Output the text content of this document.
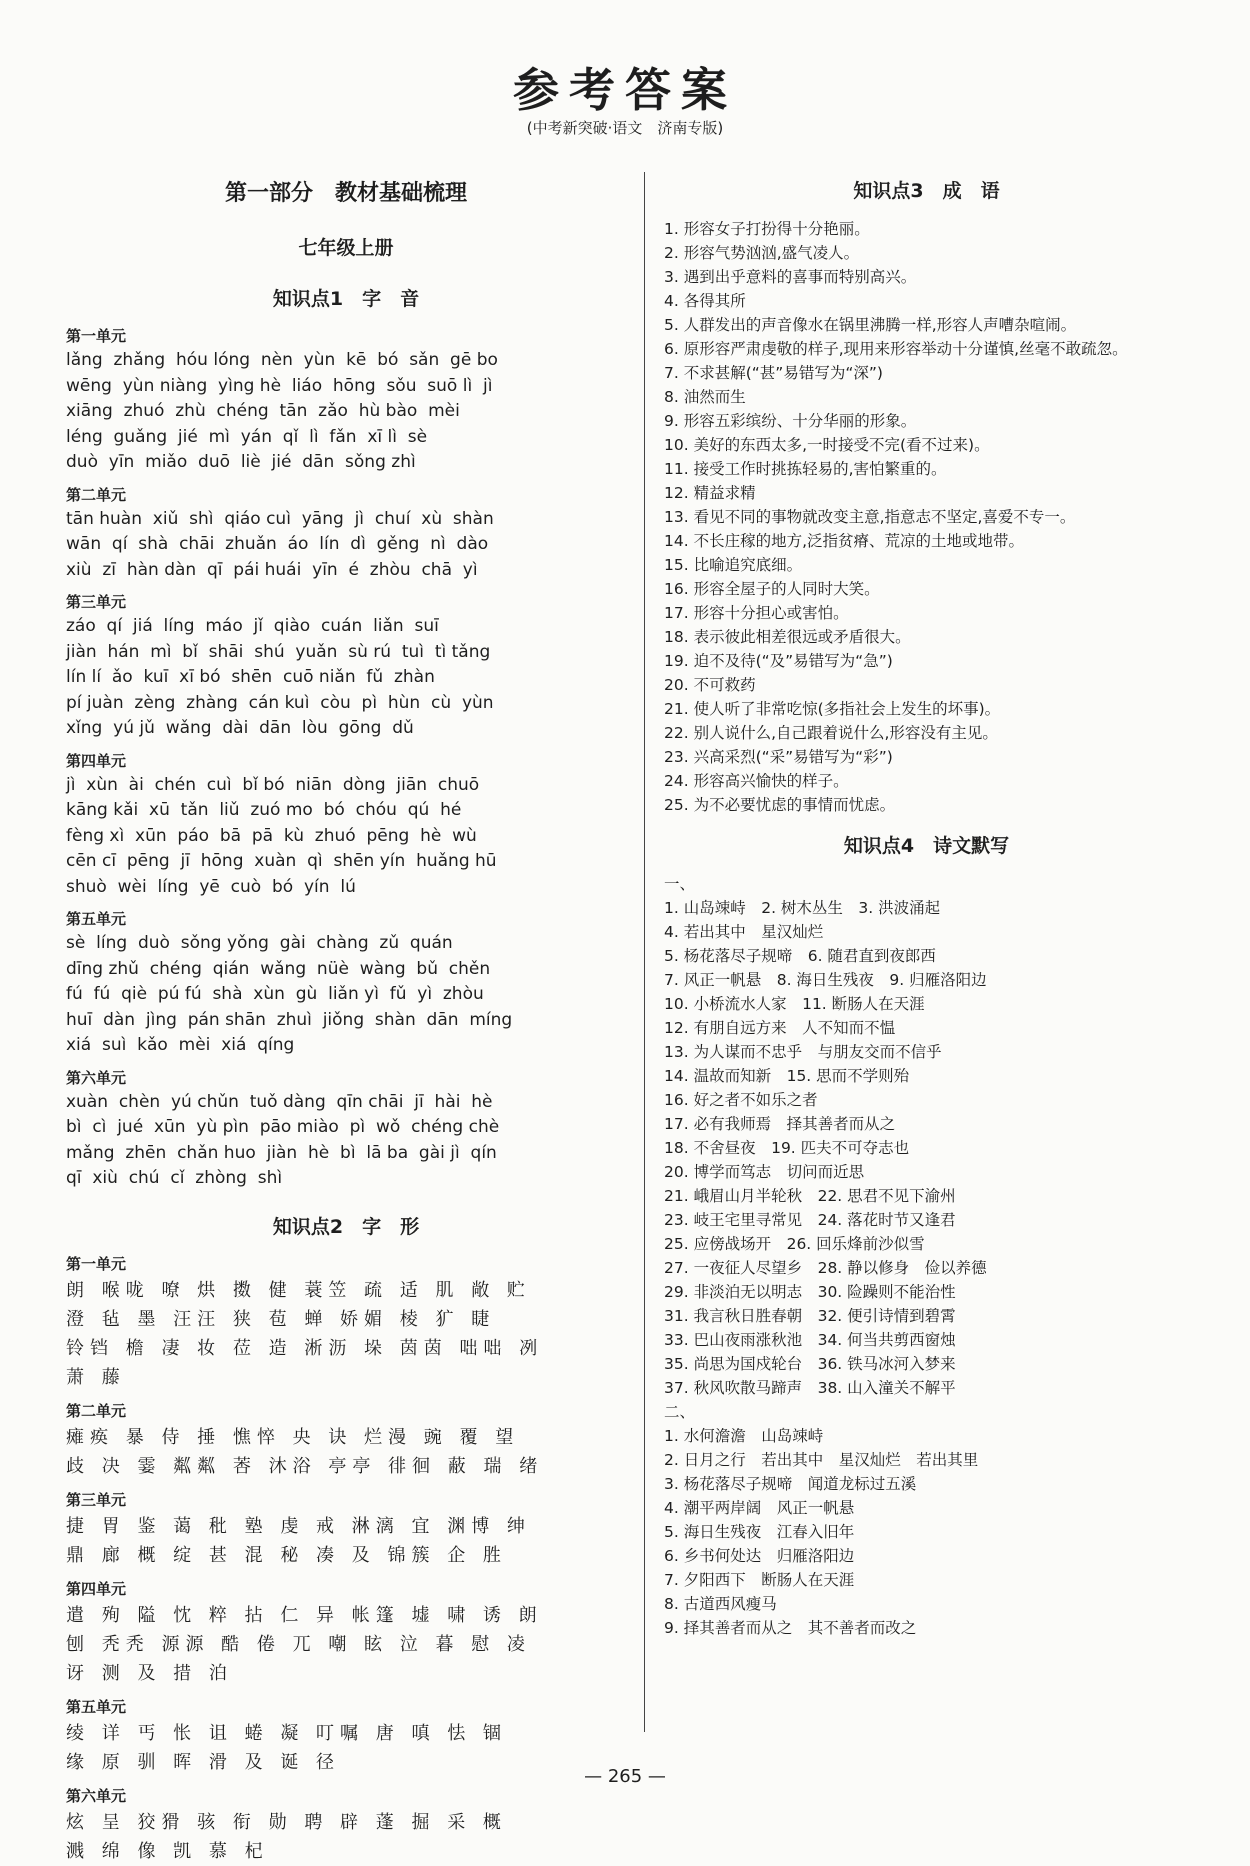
参考答案

(中考新突破·语文　济南专版)

第一部分　教材基础梳理
七年级上册
知识点1　字　音
第一单元
lǎng  zhǎng  hóu lóng  nèn  yùn  kē  bó  sǎn  gē bo
wēng  yùn niàng  yìng hè  liáo  hōng  sǒu  suō lì  jì
xiāng  zhuó  zhù  chéng  tān  zǎo  hù bào  mèi
léng  guǎng  jié  mì  yán  qǐ  lì  fǎn  xī lì  sè
duò  yīn  miǎo  duō  liè  jié  dān  sǒng zhì
第二单元
tān huàn  xiǔ  shì  qiáo cuì  yāng  jì  chuí  xù  shàn
wān  qí  shà  chāi  zhuǎn  áo  lín  dì  gěng  nì  dào
xiù  zī  hàn dàn  qī  pái huái  yīn  é  zhòu  chā  yì
第三单元
záo  qí  jiá  líng  máo  jǐ  qiào  cuán  liǎn  suī
jiàn  hán  mì  bǐ  shāi  shú  yuǎn  sù rú  tuì  tì tǎng
lín lí  ǎo  kuī  xī bó  shēn  cuō niǎn  fǔ  zhàn
pí juàn  zèng  zhàng  cán kuì  còu  pì  hùn  cù  yùn
xǐng  yú jǔ  wǎng  dài  dān  lòu  gōng  dǔ
第四单元
jì  xùn  ài  chén  cuì  bǐ bó  niān  dòng  jiān  chuō
kāng kǎi  xū  tǎn  liǔ  zuó mo  bó  chóu  qú  hé
fèng xì  xūn  páo  bā  pā  kù  zhuó  pēng  hè  wù
cēn cī  pēng  jī  hōng  xuàn  qì  shēn yín  huǎng hū
shuò  wèi  líng  yē  cuò  bó  yín  lú
第五单元
sè  líng  duò  sǒng yǒng  gài  chàng  zǔ  quán
dīng zhǔ  chéng  qián  wǎng  nüè  wàng  bǔ  chěn
fú  fú  qiè  pú fú  shà  xùn  gù  liǎn yì  fǔ  yì  zhòu
huī  dàn  jìng  pán shān  zhuì  jiǒng  shàn  dān  míng
xiá  suì  kǎo  mèi  xiá  qíng
第六单元
xuàn  chèn  yú chǔn  tuǒ dàng  qīn chāi  jī  hài  hè
bì  cì  jué  xūn  yù pìn  pāo miào  pì  wǒ  chéng chè
mǎng  zhēn  chǎn huo  jiàn  hè  bì  lā ba  gài jì  qín
qī  xiù  chú  cǐ  zhòng  shì
知识点2　字　形
第一单元
朗 喉咙 嘹 烘 擞 健 蓑笠 疏 适 肌 敞 贮
澄 毡 墨 汪汪 狭 苞 蝉 娇媚 棱 犷 睫
铃铛 檐 凄 妆 莅 造 淅沥 垛 茵茵 咄咄 冽
萧 藤
第二单元
瘫痪 暴 侍 捶 憔悴 央 诀 烂漫 豌 覆 望
歧 决 霎 粼粼 莕 沐浴 亭亭 徘徊 蔽 瑞 绪
第三单元
捷 胃 鉴 蔼 秕 塾 虔 戒 淋漓 宜 渊博 绅
鼎 廊 概 绽 甚 混 秘 凑 及 锦簇 企 胜
第四单元
遣 殉 隘 忱 粹 拈 仁 异 帐篷 墟 啸 诱 朗
刨 秃秃 源源 酷 倦 兀 嘲 眩 泣 暮 慰 凌
讶 测 及 措 泊
第五单元
绫 详 丐 怅 诅 蜷 凝 叮嘱 唐 嗔 怯 锢
缘 原 驯 晖 滑 及 诞 径
第六单元
炫 呈 狡猾 骇 衔 勋 聘 辟 蓬 掘 采 概
溅 绵 像 凯 慕 杞
知识点3　成　语
1. 形容女子打扮得十分艳丽。
2. 形容气势汹汹,盛气凌人。
3. 遇到出乎意料的喜事而特别高兴。
4. 各得其所
5. 人群发出的声音像水在锅里沸腾一样,形容人声嘈杂喧闹。
6. 原形容严肃虔敬的样子,现用来形容举动十分谨慎,丝毫不敢疏忽。
7. 不求甚解(“甚”易错写为“深”)
8. 油然而生
9. 形容五彩缤纷、十分华丽的形象。
10. 美好的东西太多,一时接受不完(看不过来)。
11. 接受工作时挑拣轻易的,害怕繁重的。
12. 精益求精
13. 看见不同的事物就改变主意,指意志不坚定,喜爱不专一。
14. 不长庄稼的地方,泛指贫瘠、荒凉的土地或地带。
15. 比喻追究底细。
16. 形容全屋子的人同时大笑。
17. 形容十分担心或害怕。
18. 表示彼此相差很远或矛盾很大。
19. 迫不及待(“及”易错写为“急”)
20. 不可救药
21. 使人听了非常吃惊(多指社会上发生的坏事)。
22. 别人说什么,自己跟着说什么,形容没有主见。
23. 兴高采烈(“采”易错写为“彩”)
24. 形容高兴愉快的样子。
25. 为不必要忧虑的事情而忧虑。
知识点4　诗文默写
一、
1. 山岛竦峙　2. 树木丛生　3. 洪波涌起
4. 若出其中　星汉灿烂
5. 杨花落尽子规啼　6. 随君直到夜郎西
7. 风正一帆悬　8. 海日生残夜　9. 归雁洛阳边
10. 小桥流水人家　11. 断肠人在天涯
12. 有朋自远方来　人不知而不愠
13. 为人谋而不忠乎　与朋友交而不信乎
14. 温故而知新　15. 思而不学则殆
16. 好之者不如乐之者
17. 必有我师焉　择其善者而从之
18. 不舍昼夜　19. 匹夫不可夺志也
20. 博学而笃志　切问而近思
21. 峨眉山月半轮秋　22. 思君不见下渝州
23. 岐王宅里寻常见　24. 落花时节又逢君
25. 应傍战场开　26. 回乐烽前沙似雪
27. 一夜征人尽望乡　28. 静以修身　俭以养德
29. 非淡泊无以明志　30. 险躁则不能治性
31. 我言秋日胜春朝　32. 便引诗情到碧霄
33. 巴山夜雨涨秋池　34. 何当共剪西窗烛
35. 尚思为国戍轮台　36. 铁马冰河入梦来
37. 秋风吹散马蹄声　38. 山入潼关不解平
二、
1. 水何澹澹　山岛竦峙
2. 日月之行　若出其中　星汉灿烂　若出其里
3. 杨花落尽子规啼　闻道龙标过五溪
4. 潮平两岸阔　风正一帆悬
5. 海日生残夜　江春入旧年
6. 乡书何处达　归雁洛阳边
7. 夕阳西下　断肠人在天涯
8. 古道西风瘦马
9. 择其善者而从之　其不善者而改之

— 265 —
